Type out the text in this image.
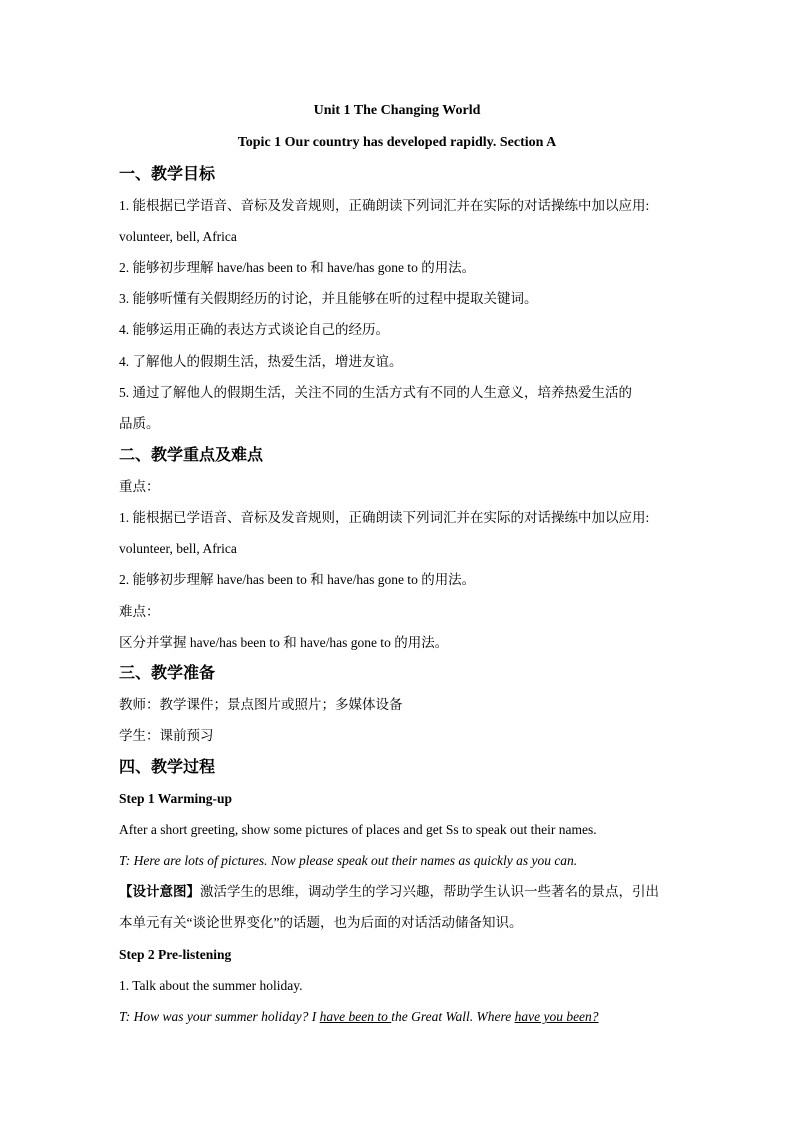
Unit 1 The Changing World
Topic 1 Our country has developed rapidly. Section A
一、教学目标
1. 能根据已学语音、音标及发音规则，正确朗读下列词汇并在实际的对话操练中加以应用:
volunteer, bell, Africa
2. 能够初步理解 have/has been to 和 have/has gone to 的用法。
3. 能够听懂有关假期经历的讨论，并且能够在听的过程中提取关键词。
4. 能够运用正确的表达方式谈论自己的经历。
4. 了解他人的假期生活，热爱生活，增进友谊。
5. 通过了解他人的假期生活，关注不同的生活方式有不同的人生意义，培养热爱生活的
品质。
二、教学重点及难点
重点：
1. 能根据已学语音、音标及发音规则，正确朗读下列词汇并在实际的对话操练中加以应用:
volunteer, bell, Africa
2. 能够初步理解 have/has been to 和 have/has gone to 的用法。
难点：
区分并掌握 have/has been to 和 have/has gone to 的用法。
三、教学准备
教师：教学课件；景点图片或照片；多媒体设备
学生：课前预习
四、教学过程
Step 1 Warming-up
After a short greeting, show some pictures of places and get Ss to speak out their names.
T: Here are lots of pictures. Now please speak out their names as quickly as you can.
【设计意图】激活学生的思维，调动学生的学习兴趣，帮助学生认识一些著名的景点，引出
本单元有关“谈论世界变化”的话题，也为后面的对话活动储备知识。
Step 2 Pre-listening
1. Talk about the summer holiday.
T: How was your summer holiday? I have been to the Great Wall. Where have you been?
